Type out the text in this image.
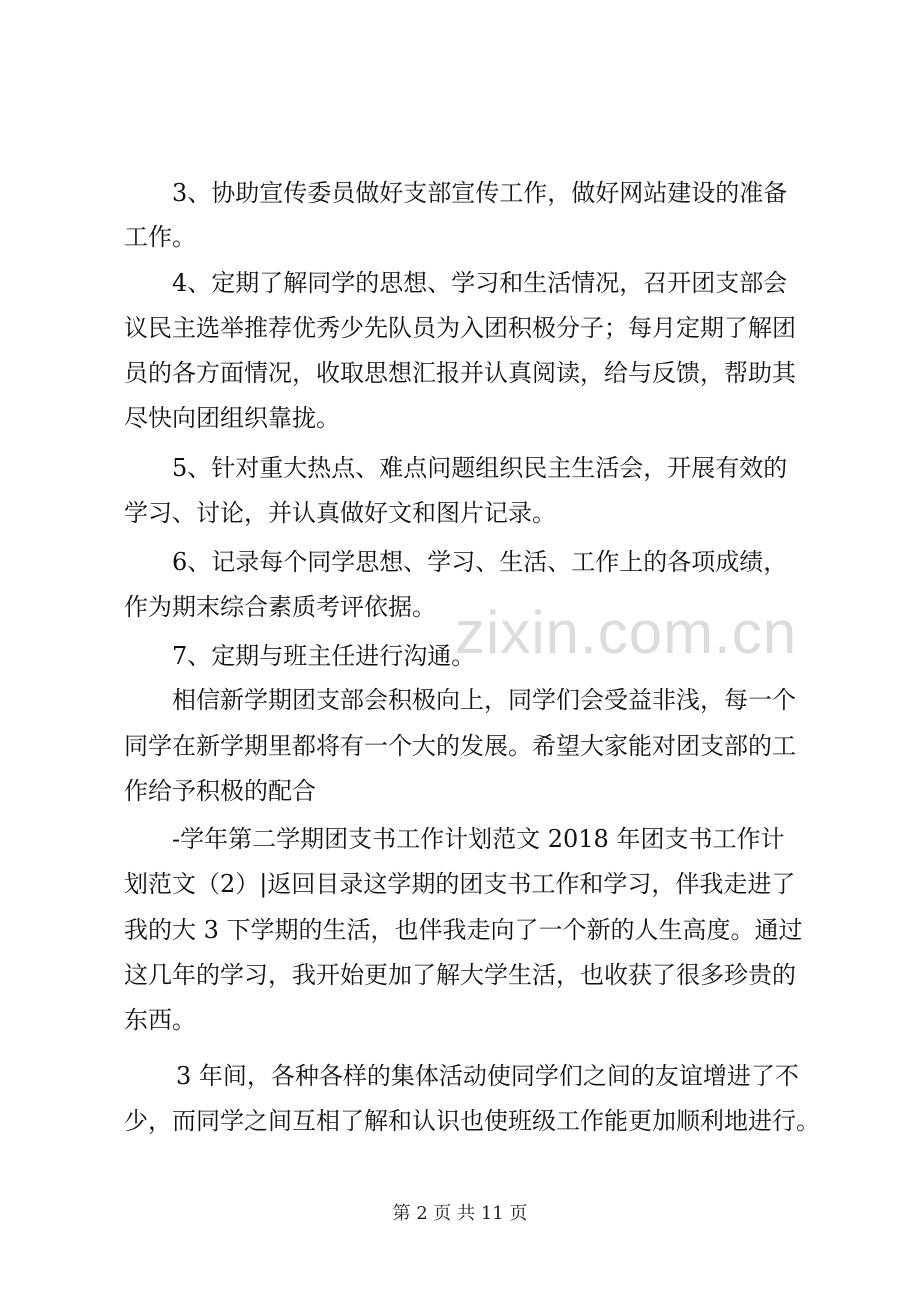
zixin.com.cn
3、协助宣传委员做好支部宣传工作，做好网站建设的准备
工作。
4、定期了解同学的思想、学习和生活情况，召开团支部会
议民主选举推荐优秀少先队员为入团积极分子；每月定期了解团
员的各方面情况，收取思想汇报并认真阅读，给与反馈，帮助其
尽快向团组织靠拢。
5、针对重大热点、难点问题组织民主生活会，开展有效的
学习、讨论，并认真做好文和图片记录。
6、记录每个同学思想、学习、生活、工作上的各项成绩，
作为期末综合素质考评依据。
7、定期与班主任进行沟通。
相信新学期团支部会积极向上，同学们会受益非浅，每一个
同学在新学期里都将有一个大的发展。希望大家能对团支部的工
作给予积极的配合
-学年第二学期团支书工作计划范文 2018 年团支书工作计
划范文（2）|返回目录这学期的团支书工作和学习，伴我走进了
我的大 3 下学期的生活，也伴我走向了一个新的人生高度。通过
这几年的学习，我开始更加了解大学生活，也收获了很多珍贵的
东西。
3 年间，各种各样的集体活动使同学们之间的友谊增进了不
少，而同学之间互相了解和认识也使班级工作能更加顺利地进行。
第 2 页 共 11 页
